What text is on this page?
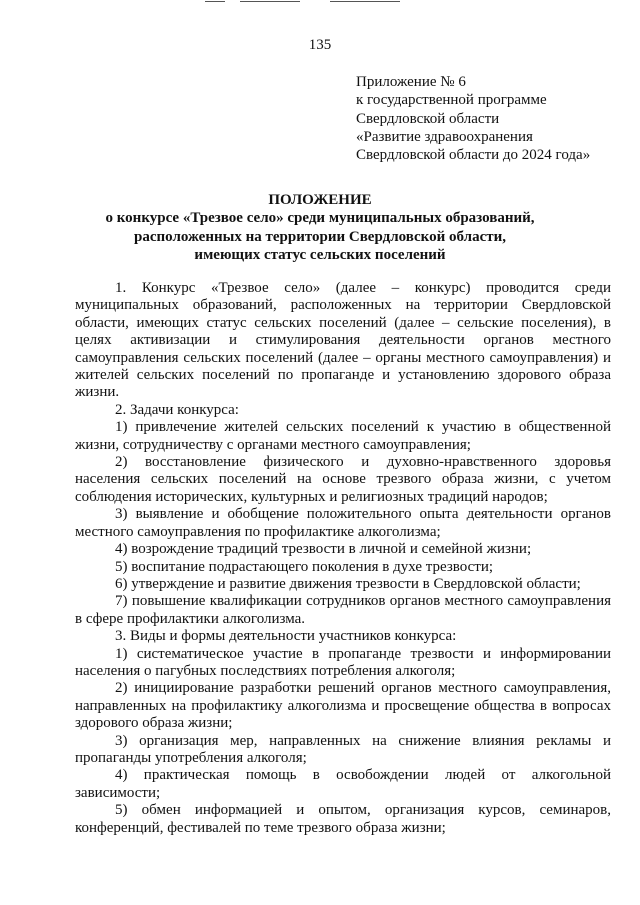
135
Приложение № 6
к государственной программе
Свердловской области
«Развитие здравоохранения
Свердловской области до 2024 года»
ПОЛОЖЕНИЕ
о конкурсе «Трезвое село» среди муниципальных образований,
расположенных на территории Свердловской области,
имеющих статус сельских поселений

1. Конкурс «Трезвое село» (далее – конкурс) проводится среди муниципальных образований, расположенных на территории Свердловской области, имеющих статус сельских поселений (далее – сельские поселения), в целях активизации и стимулирования деятельности органов местного самоуправления сельских поселений (далее – органы местного самоуправления) и жителей сельских поселений по пропаганде и установлению здорового образа жизни.

2. Задачи конкурса:

1) привлечение жителей сельских поселений к участию в общественной жизни, сотрудничеству с органами местного самоуправления;

2) восстановление физического и духовно-нравственного здоровья населения сельских поселений на основе трезвого образа жизни, с учетом соблюдения исторических, культурных и религиозных традиций народов;

3) выявление и обобщение положительного опыта деятельности органов местного самоуправления по профилактике алкоголизма;

4) возрождение традиций трезвости в личной и семейной жизни;

5) воспитание подрастающего поколения в духе трезвости;

6) утверждение и развитие движения трезвости в Свердловской области;

7) повышение квалификации сотрудников органов местного самоуправления в сфере профилактики алкоголизма.

3. Виды и формы деятельности участников конкурса:

1) систематическое участие в пропаганде трезвости и информировании населения о пагубных последствиях потребления алкоголя;

2) инициирование разработки решений органов местного самоуправления, направленных на профилактику алкоголизма и просвещение общества в вопросах здорового образа жизни;

3) организация мер, направленных на снижение влияния рекламы и пропаганды употребления алкоголя;

4) практическая помощь в освобождении людей от алкогольной зависимости;

5) обмен информацией и опытом, организация курсов, семинаров, конференций, фестивалей по теме трезвого образа жизни;
